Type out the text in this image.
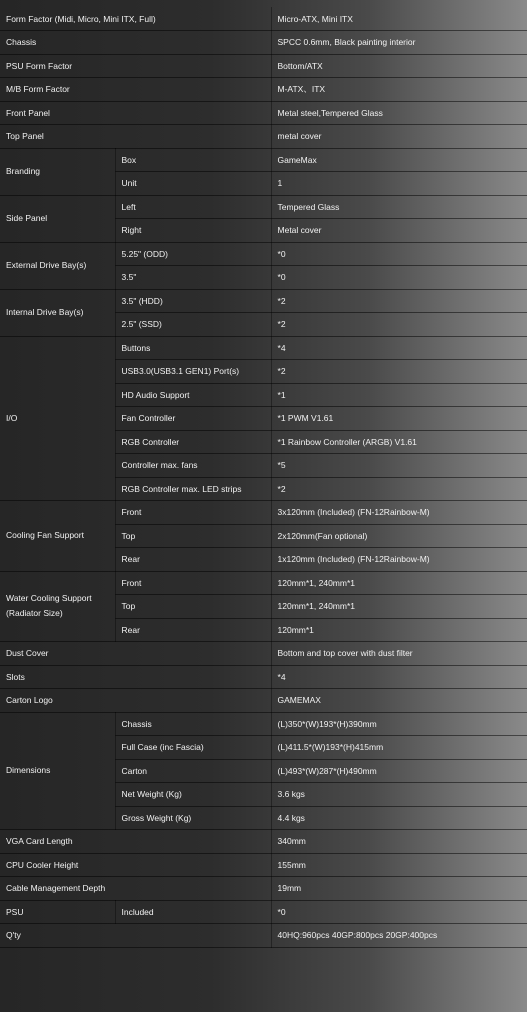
Form Factor (Midi, Micro, Mini ITX, Full)		Micro-ATX, Mini ITX
Chassis		SPCC 0.6mm, Black painting interior
PSU Form Factor		Bottom/ATX
M/B Form Factor		M-ATX、ITX
Front Panel		Metal steel,Tempered Glass
Top Panel		metal cover
Branding	Box	GameMax
	Unit	1
Side Panel	Left	Tempered Glass
	Right	Metal cover
External Drive Bay(s)	5.25" (ODD)	*0
	3.5"	*0
Internal Drive Bay(s)	3.5" (HDD)	*2
	2.5" (SSD)	*2
I/O	Buttons	*4
	USB3.0(USB3.1 GEN1) Port(s)	*2
	HD Audio Support	*1
	Fan Controller	*1 PWM V1.61
	RGB Controller	*1 Rainbow Controller (ARGB) V1.61
	Controller max. fans	*5
	RGB Controller max. LED strips	*2
Cooling Fan Support	Front	3x120mm (Included) (FN-12Rainbow-M)
	Top	2x120mm(Fan optional)
	Rear	1x120mm (Included) (FN-12Rainbow-M)
Water Cooling Support (Radiator Size)	Front	120mm*1, 240mm*1
	Top	120mm*1, 240mm*1
	Rear	120mm*1
Dust Cover		Bottom and top cover with dust filter
Slots		*4
Carton Logo		GAMEMAX
Dimensions	Chassis	(L)350*(W)193*(H)390mm
	Full Case (inc Fascia)	(L)411.5*(W)193*(H)415mm
	Carton	(L)493*(W)287*(H)490mm
	Net Weight (Kg)	3.6 kgs
	Gross Weight (Kg)	4.4 kgs
VGA Card Length		340mm
CPU Cooler Height		155mm
Cable Management Depth		19mm
PSU	Included	*0
Q'ty		40HQ:960pcs 40GP:800pcs 20GP:400pcs
